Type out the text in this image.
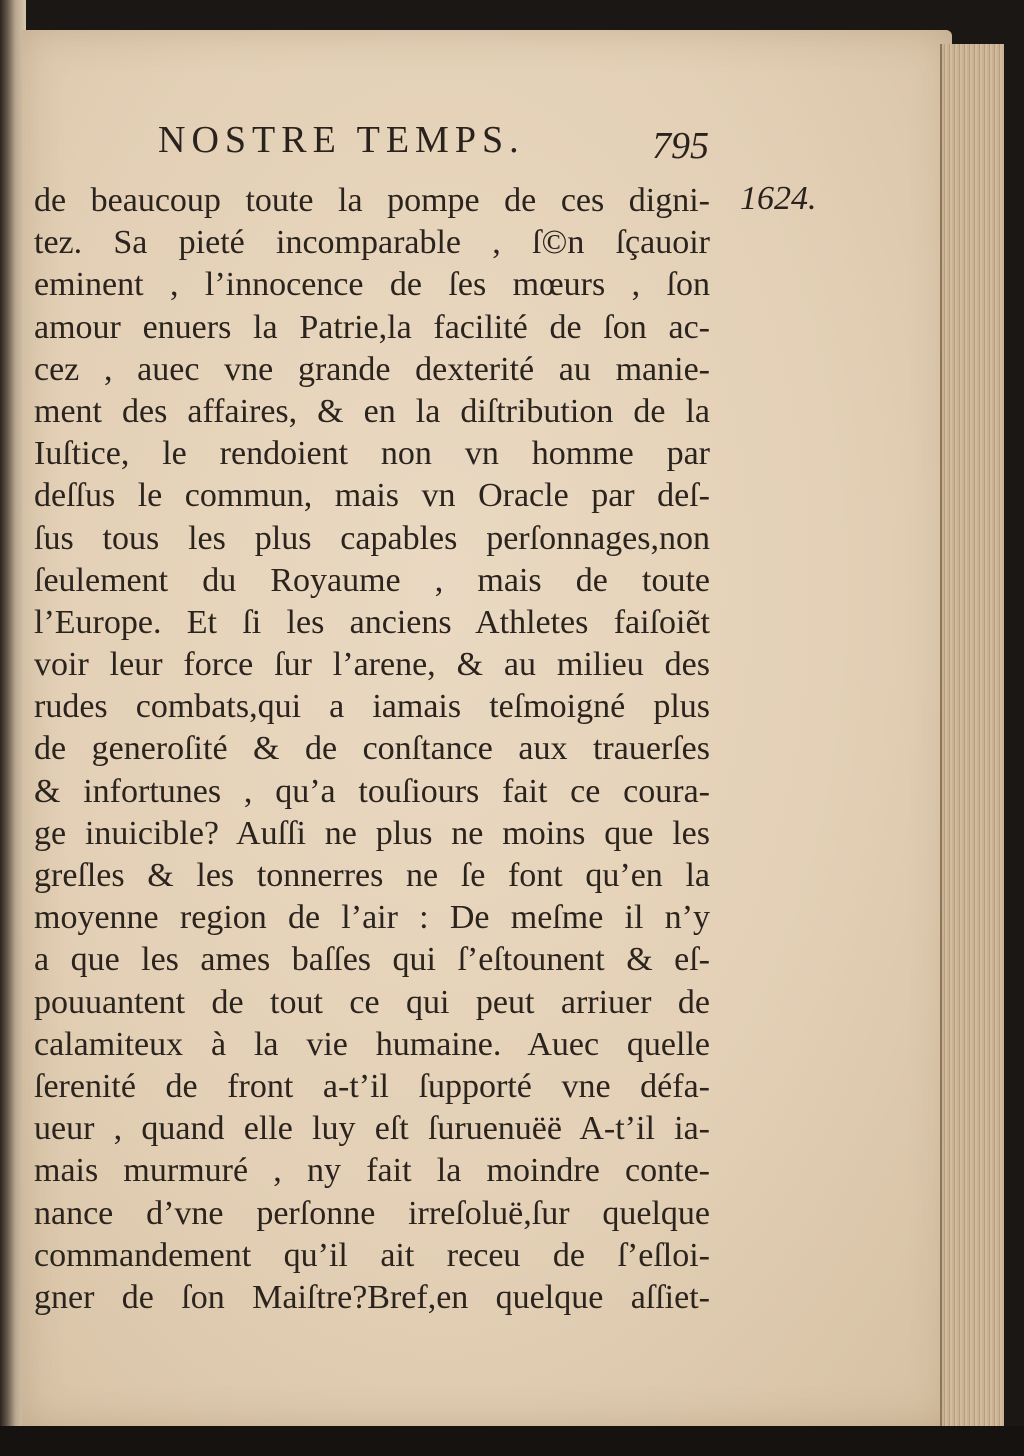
NOSTRE TEMPS.	795
1624.
de beaucoup toute la pompe de ces digni-
tez. Sa pieté incomparable , ſ©n ſçauoir
eminent , l’innocence de ſes mœurs , ſon
amour enuers la Patrie,la facilité de ſon ac-
cez , auec vne grande dexterité au manie-
ment des affaires, & en la diſtribution de la
Iuſtice, le rendoient non vn homme par
deſſus le commun, mais vn Oracle par deſ-
ſus tous les plus capables perſonnages,non
ſeulement du Royaume , mais de toute
l’Europe. Et ſi les anciens Athletes faiſoiẽt
voir leur force ſur l’arene, & au milieu des
rudes combats,qui a iamais teſmoigné plus
de generoſité & de conſtance aux trauerſes
& infortunes , qu’a touſiours fait ce coura-
ge inuicible? Auſſi ne plus ne moins que les
greſles & les tonnerres ne ſe font qu’en la
moyenne region de l’air : De meſme il n’y
a que les ames baſſes qui ſ’eſtounent & eſ-
pouuantent de tout ce qui peut arriuer de
calamiteux à la vie humaine. Auec quelle
ſerenité de front a-t’il ſupporté vne défa-
ueur , quand elle luy eſt ſuruenuëë A-t’il ia-
mais murmuré , ny fait la moindre conte-
nance d’vne perſonne irreſoluë,ſur quelque
commandement qu’il ait receu de ſ’eſloi-
gner de ſon Maiſtre?Bref,en quelque aſſiet-
